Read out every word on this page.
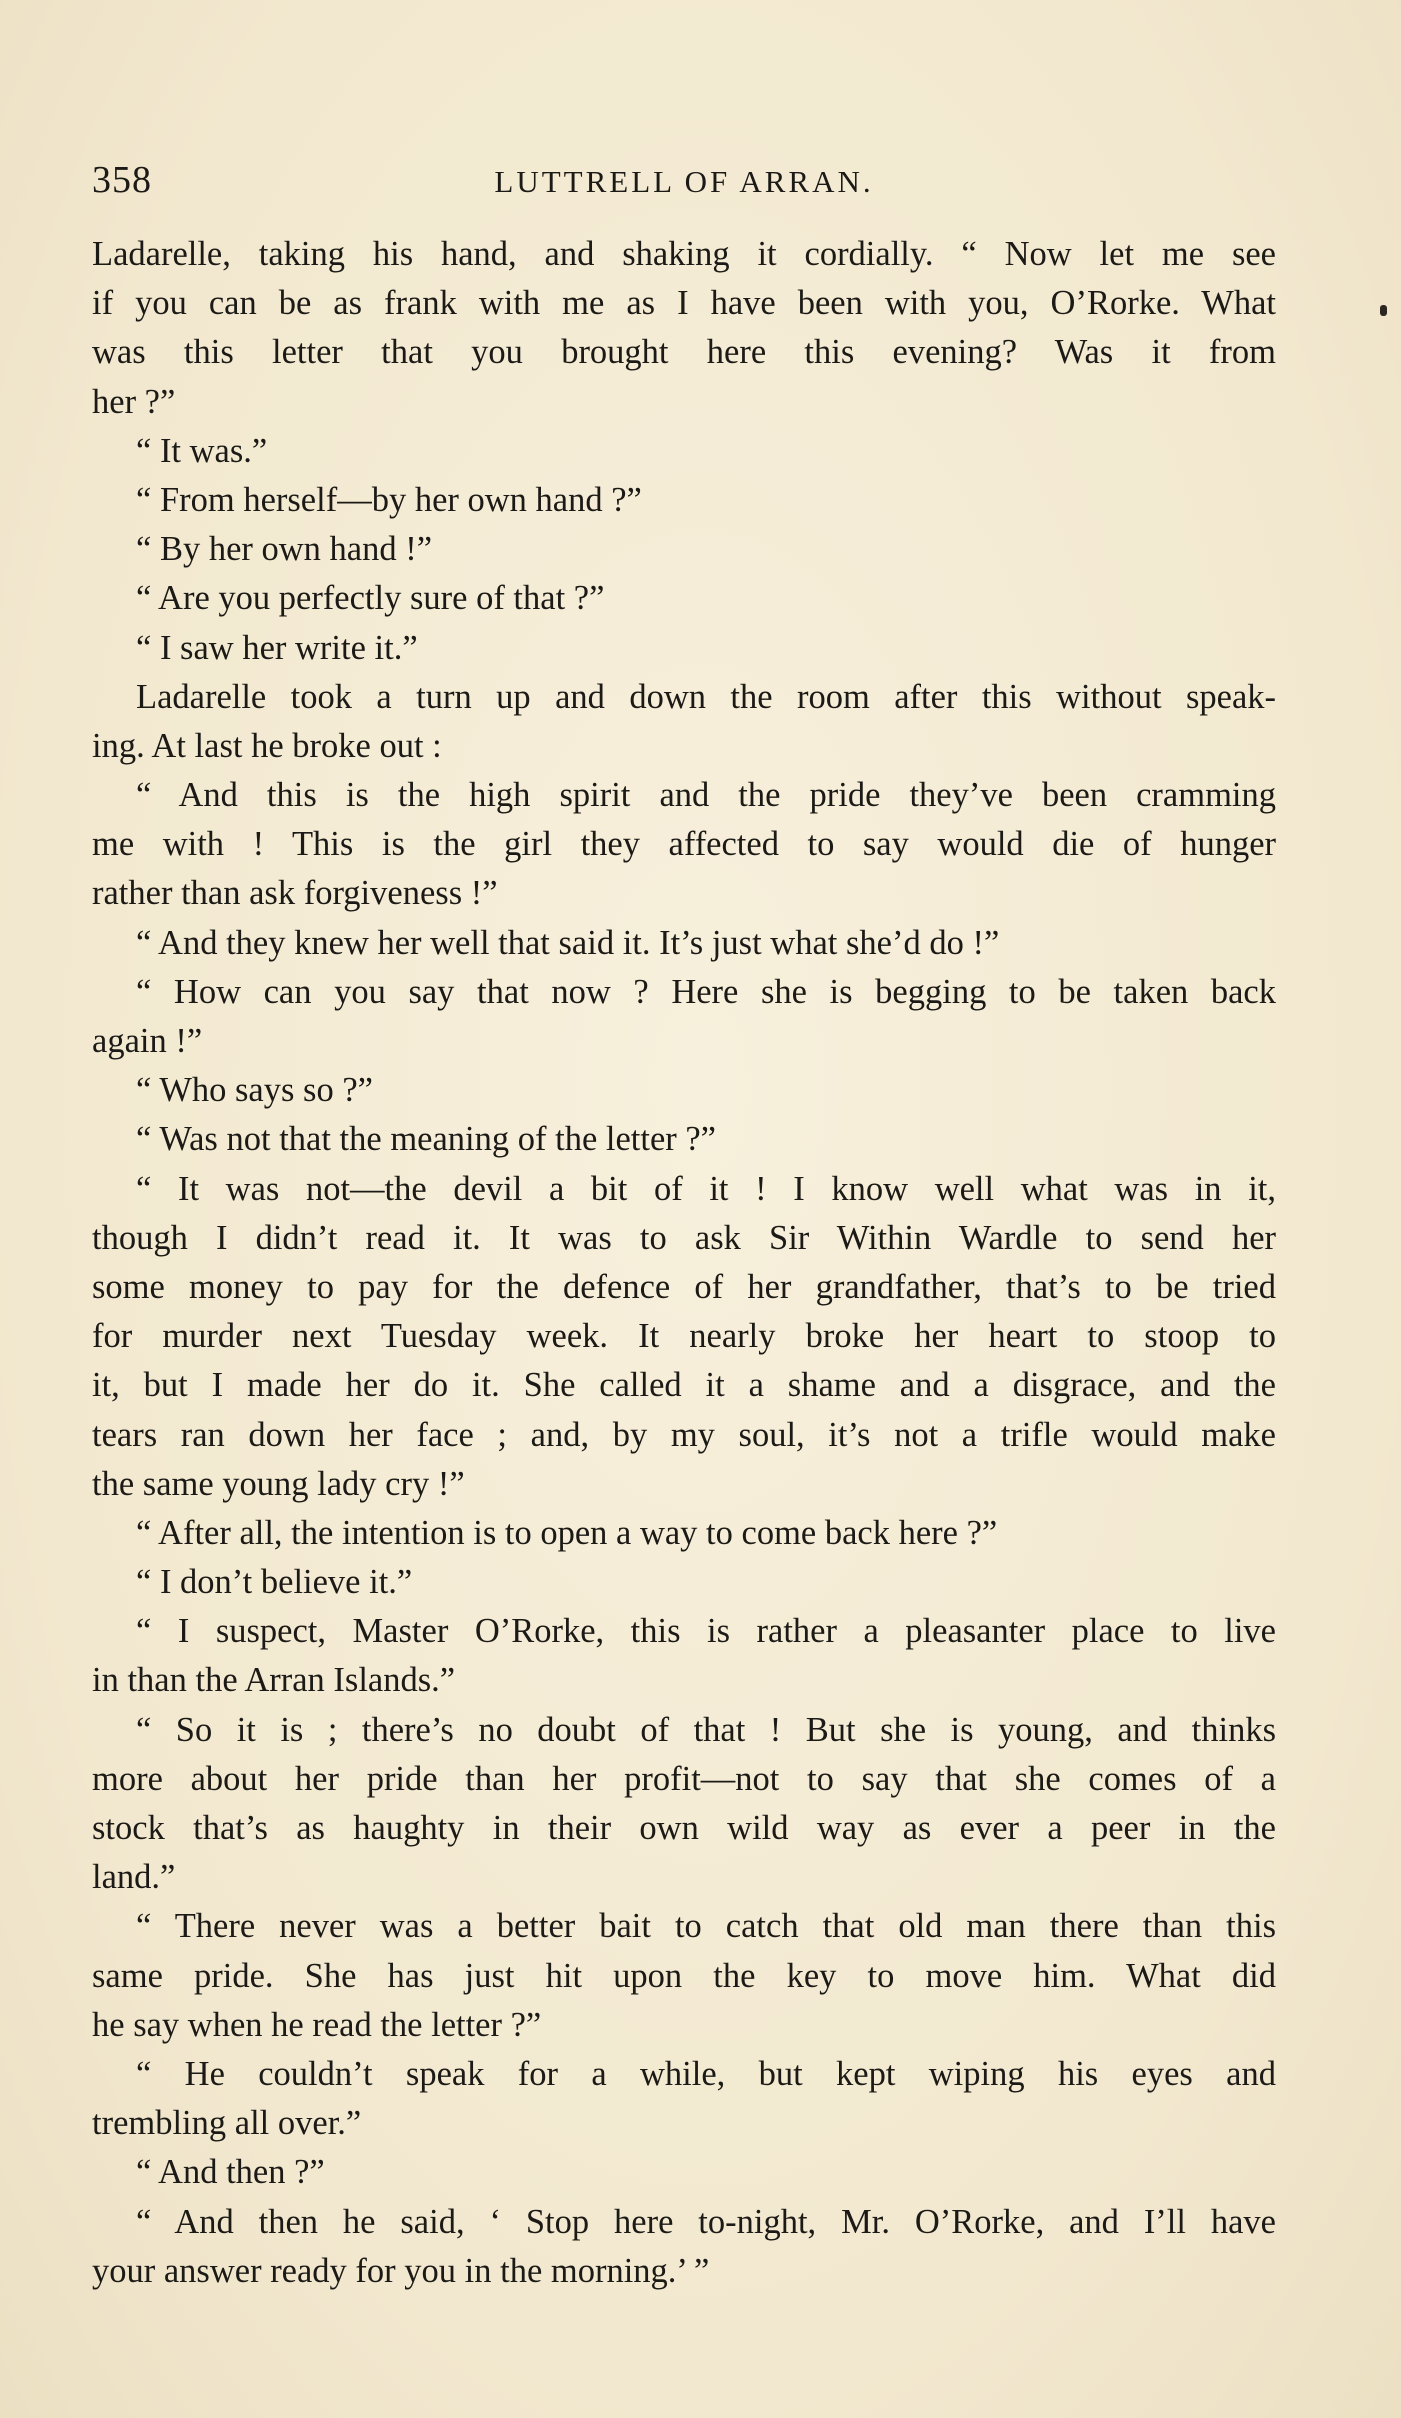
358	LUTTRELL OF ARRAN.
Ladarelle, taking his hand, and shaking it cordially. “ Now let me see
if you can be as frank with me as I have been with you, O’Rorke. What
was this letter that you brought here this evening? Was it from
her ?”
“ It was.”
“ From herself—by her own hand ?”
“ By her own hand !”
“ Are you perfectly sure of that ?”
“ I saw her write it.”
Ladarelle took a turn up and down the room after this without speak-
ing. At last he broke out :
“ And this is the high spirit and the pride they’ve been cramming
me with ! This is the girl they affected to say would die of hunger
rather than ask forgiveness !”
“ And they knew her well that said it. It’s just what she’d do !”
“ How can you say that now ? Here she is begging to be taken back
again !”
“ Who says so ?”
“ Was not that the meaning of the letter ?”
“ It was not—the devil a bit of it ! I know well what was in it,
though I didn’t read it. It was to ask Sir Within Wardle to send her
some money to pay for the defence of her grandfather, that’s to be tried
for murder next Tuesday week. It nearly broke her heart to stoop to
it, but I made her do it. She called it a shame and a disgrace, and the
tears ran down her face ; and, by my soul, it’s not a trifle would make
the same young lady cry !”
“ After all, the intention is to open a way to come back here ?”
“ I don’t believe it.”
“ I suspect, Master O’Rorke, this is rather a pleasanter place to live
in than the Arran Islands.”
“ So it is ; there’s no doubt of that ! But she is young, and thinks
more about her pride than her profit—not to say that she comes of a
stock that’s as haughty in their own wild way as ever a peer in the
land.”
“ There never was a better bait to catch that old man there than this
same pride. She has just hit upon the key to move him. What did
he say when he read the letter ?”
“ He couldn’t speak for a while, but kept wiping his eyes and
trembling all over.”
“ And then ?”
“ And then he said, ‘ Stop here to-night, Mr. O’Rorke, and I’ll have
your answer ready for you in the morning.’ ”
